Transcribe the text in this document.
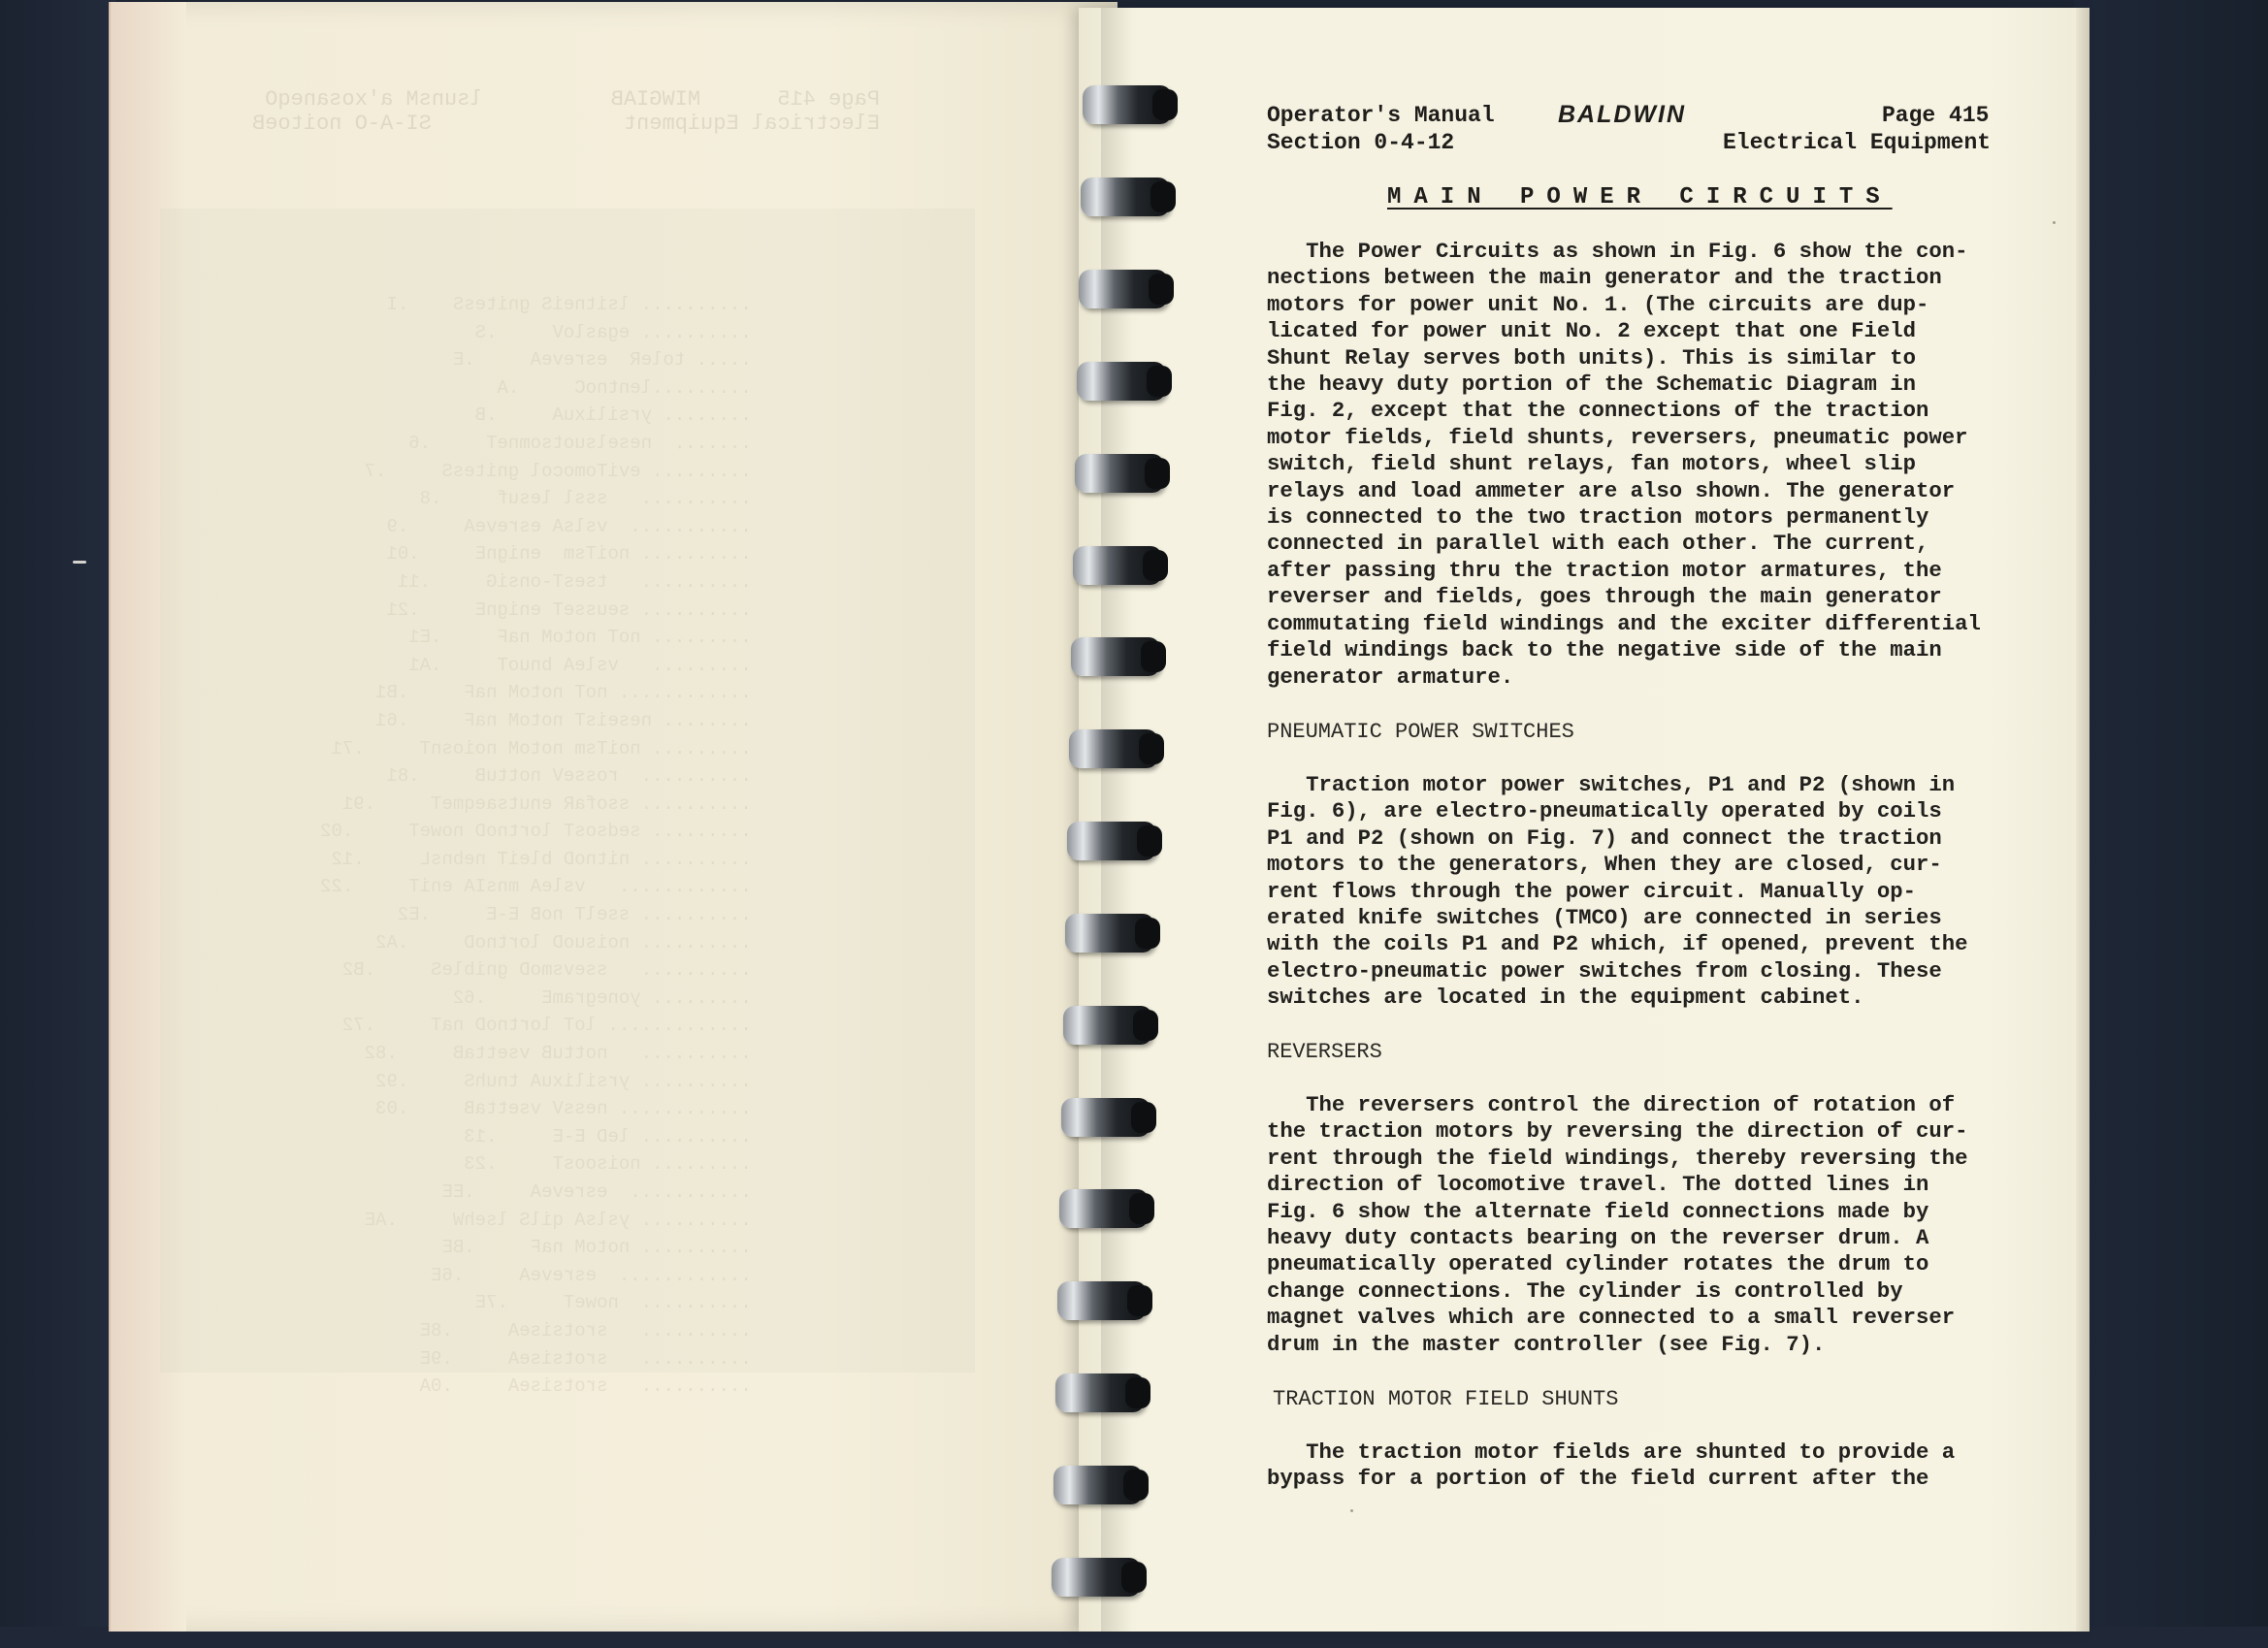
Page 415      MIWGIAB          lsunsM a'xosaneqO
Electrical Equipment               SI-A-O noitoeB
.......... lsitneiS gnitesS    .I
.......... egasloV     .S
..... toleR  esreveA     .E
.........lentnoC     .A
........ yrsilixuA     .B
.......  neselsuotsomneT     .6
......... eviTomocol gnitesS     .7
..........   sssl lesuf     .8
...........  vslsA esreveA     .9
.......... noiTsm  enignE     .01
..........   tsesT-onsiG     .11
.......... seusseT enignE     .21
......... noT notoM naF     .E1
.........   vsleA bnuoT     .A1
............ noT notoM naF     .B1
........ neseisT notoM naF     .61
......... noiTsm notoM noiosnT     .71
..........  rosseV nottuB     .81
.......... ssofaR enutsaeqmeT     .91
......... sedsosT lortnoD noweT     .02
.......... nitnoD bleiT nebnsL     .12
............   vsleA mnsIA eniT     .22
.......... sselT noB E-E     .E2
.......... noisuoD lortnoD     .A2
..........   ssevsmoD gnibleS     .B2
......... yonegramE     .62
............. loT lortnoD naT     .72
..........   nottuB vsettaB     .82
.......... yrsilixuA tnuhS     .92
............ nessV vsettaB     .03
.......... leD E-E     .13
......... noisoosT     .23
...........  esreveA     .EE
.......... yslsA qilS lsehW     .AE
.......... notoM naF     .BE
............  esreveA     .6E
..........  noweT     .7E
..........   srotsiseA     .8E
..........   srotsiseA     .9E
..........   srotsiseA     .0A
Operator's Manual
Section 0-4-12
BALDWIN	Page 415
Electrical Equipment
MAIN POWER CIRCUITS
The Power Circuits as shown in Fig. 6 show the con-
nections between the main generator and the traction
motors for power unit No. 1. (The circuits are dup-
licated for power unit No. 2 except that one Field
Shunt Relay serves both units). This is similar to
the heavy duty portion of the Schematic Diagram in
Fig. 2, except that the connections of the traction
motor fields, field shunts, reversers, pneumatic power
switch, field shunt relays, fan motors, wheel slip
relays and load ammeter are also shown. The generator
is connected to the two traction motors permanently
connected in parallel with each other. The current,
after passing thru the traction motor armatures, the
reverser and fields, goes through the main generator
commutating field windings and the exciter differential
field windings back to the negative side of the main
generator armature.
PNEUMATIC POWER SWITCHES
Traction motor power switches, P1 and P2 (shown in
Fig. 6), are electro-pneumatically operated by coils
P1 and P2 (shown on Fig. 7) and connect the traction
motors to the generators, When they are closed, cur-
rent flows through the power circuit. Manually op-
erated knife switches (TMCO) are connected in series
with the coils P1 and P2 which, if opened, prevent the
electro-pneumatic power switches from closing. These
switches are located in the equipment cabinet.
REVERSERS
The reversers control the direction of rotation of
the traction motors by reversing the direction of cur-
rent through the field windings, thereby reversing the
direction of locomotive travel. The dotted lines in
Fig. 6 show the alternate field connections made by
heavy duty contacts bearing on the reverser drum. A
pneumatically operated cylinder rotates the drum to
change connections. The cylinder is controlled by
magnet valves which are connected to a small reverser
drum in the master controller (see Fig. 7).
TRACTION MOTOR FIELD SHUNTS
The traction motor fields are shunted to provide a
bypass for a portion of the field current after the
